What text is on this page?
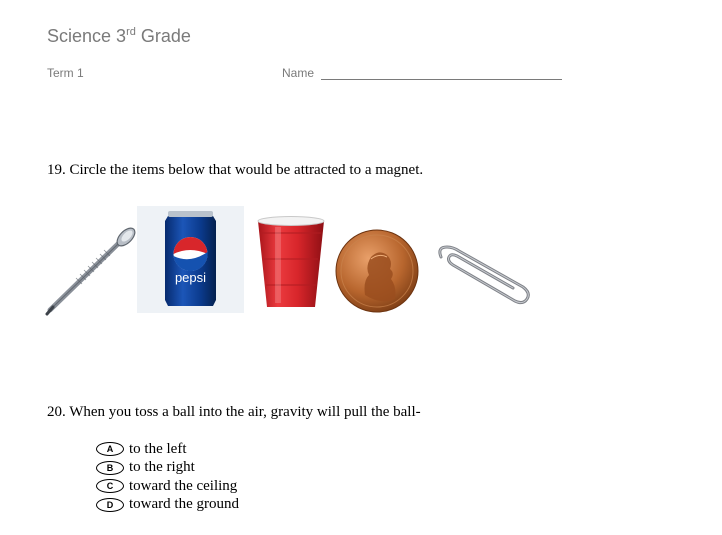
Science 3rd Grade
Term 1	Name
19. Circle the items below that would be attracted to a magnet.
pepsi
20. When you toss a ball into the air, gravity will pull the ball-
A	to the left
B	to the right
C	toward the ceiling
D	toward the ground
